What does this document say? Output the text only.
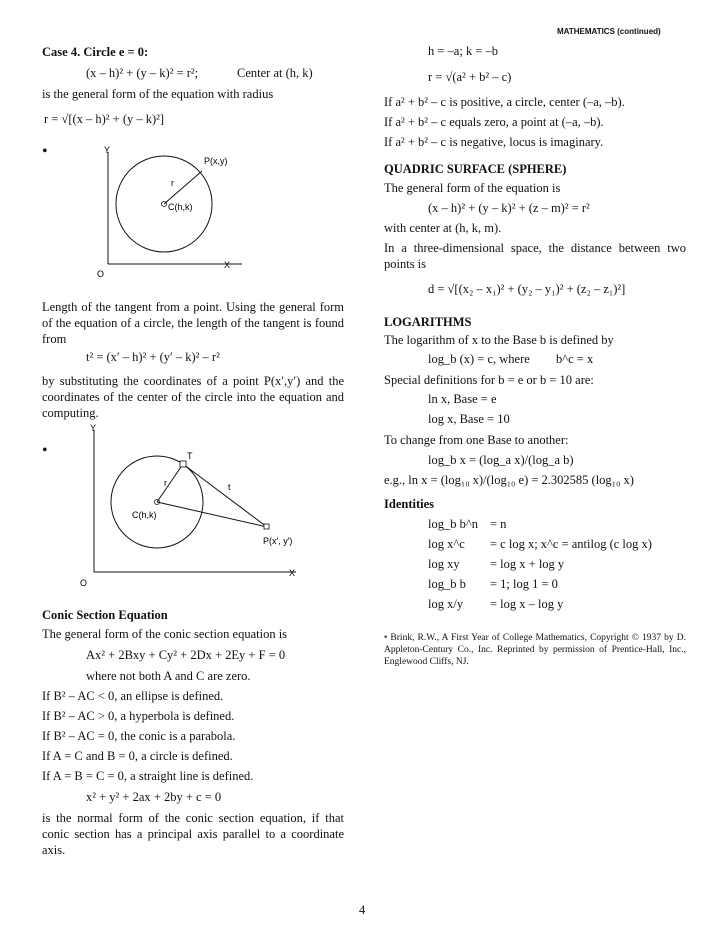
MATHEMATICS (continued)
Case 4. Circle e = 0:
(x – h)² + (y – k)² = r²;	Center at (h, k)
is the general form of the equation with radius
r = √[(x – h)² + (y – k)²]
•	Y
X
O
P(x,y)
r
C(h,k)
Length of the tangent from a point. Using the general form of the equation of a circle, the length of the tangent is found from
t² = (x′ – h)² + (y′ – k)² – r²
by substituting the coordinates of a point P(x′,y′) and the coordinates of the center of the circle into the equation and computing.
•
Y
X
O
T
r	t
C(h,k)
P(x′, y′)
Conic Section Equation
The general form of the conic section equation is
Ax² + 2Bxy + Cy² + 2Dx + 2Ey + F = 0
where not both A and C are zero.
If B² – AC < 0, an ellipse is defined.
If B² – AC > 0, a hyperbola is defined.
If B² – AC = 0, the conic is a parabola.
If A = C and B = 0, a circle is defined.
If A = B = C = 0, a straight line is defined.
x² + y² + 2ax + 2by + c = 0
is the normal form of the conic section equation, if that conic section has a principal axis parallel to a coordinate axis.
h = –a; k = –b
r = √(a² + b² – c)
If a² + b² – c is positive, a circle, center (–a, –b).
If a² + b² – c equals zero, a point at (–a, –b).
If a² + b² – c is negative, locus is imaginary.
QUADRIC SURFACE (SPHERE)
The general form of the equation is
(x – h)² + (y – k)² + (z – m)² = r²
with center at (h, k, m).
In a three-dimensional space, the distance between two points is
d = √[(x₂ – x₁)² + (y₂ – y₁)² + (z₂ – z₁)²]
LOGARITHMS
The logarithm of x to the Base b is defined by
log_b (x) = c, where b^c = x
Special definitions for b = e or b = 10 are:
ln x, Base = e
log x, Base = 10
To change from one Base to another:
log_b x = (log_a x)/(log_a b)
e.g., ln x = (log₁₀ x)/(log₁₀ e) = 2.302585 (log₁₀ x)
Identities
log_b b^n = n
log x^c = c log x; x^c = antilog (c log x)
log xy = log x + log y
log_b b = 1; log 1 = 0
log x/y = log x – log y
• Brink, R.W., A First Year of College Mathematics, Copyright © 1937 by D. Appleton-Century Co., Inc. Reprinted by permission of Prentice-Hall, Inc., Englewood Cliffs, NJ.
4
